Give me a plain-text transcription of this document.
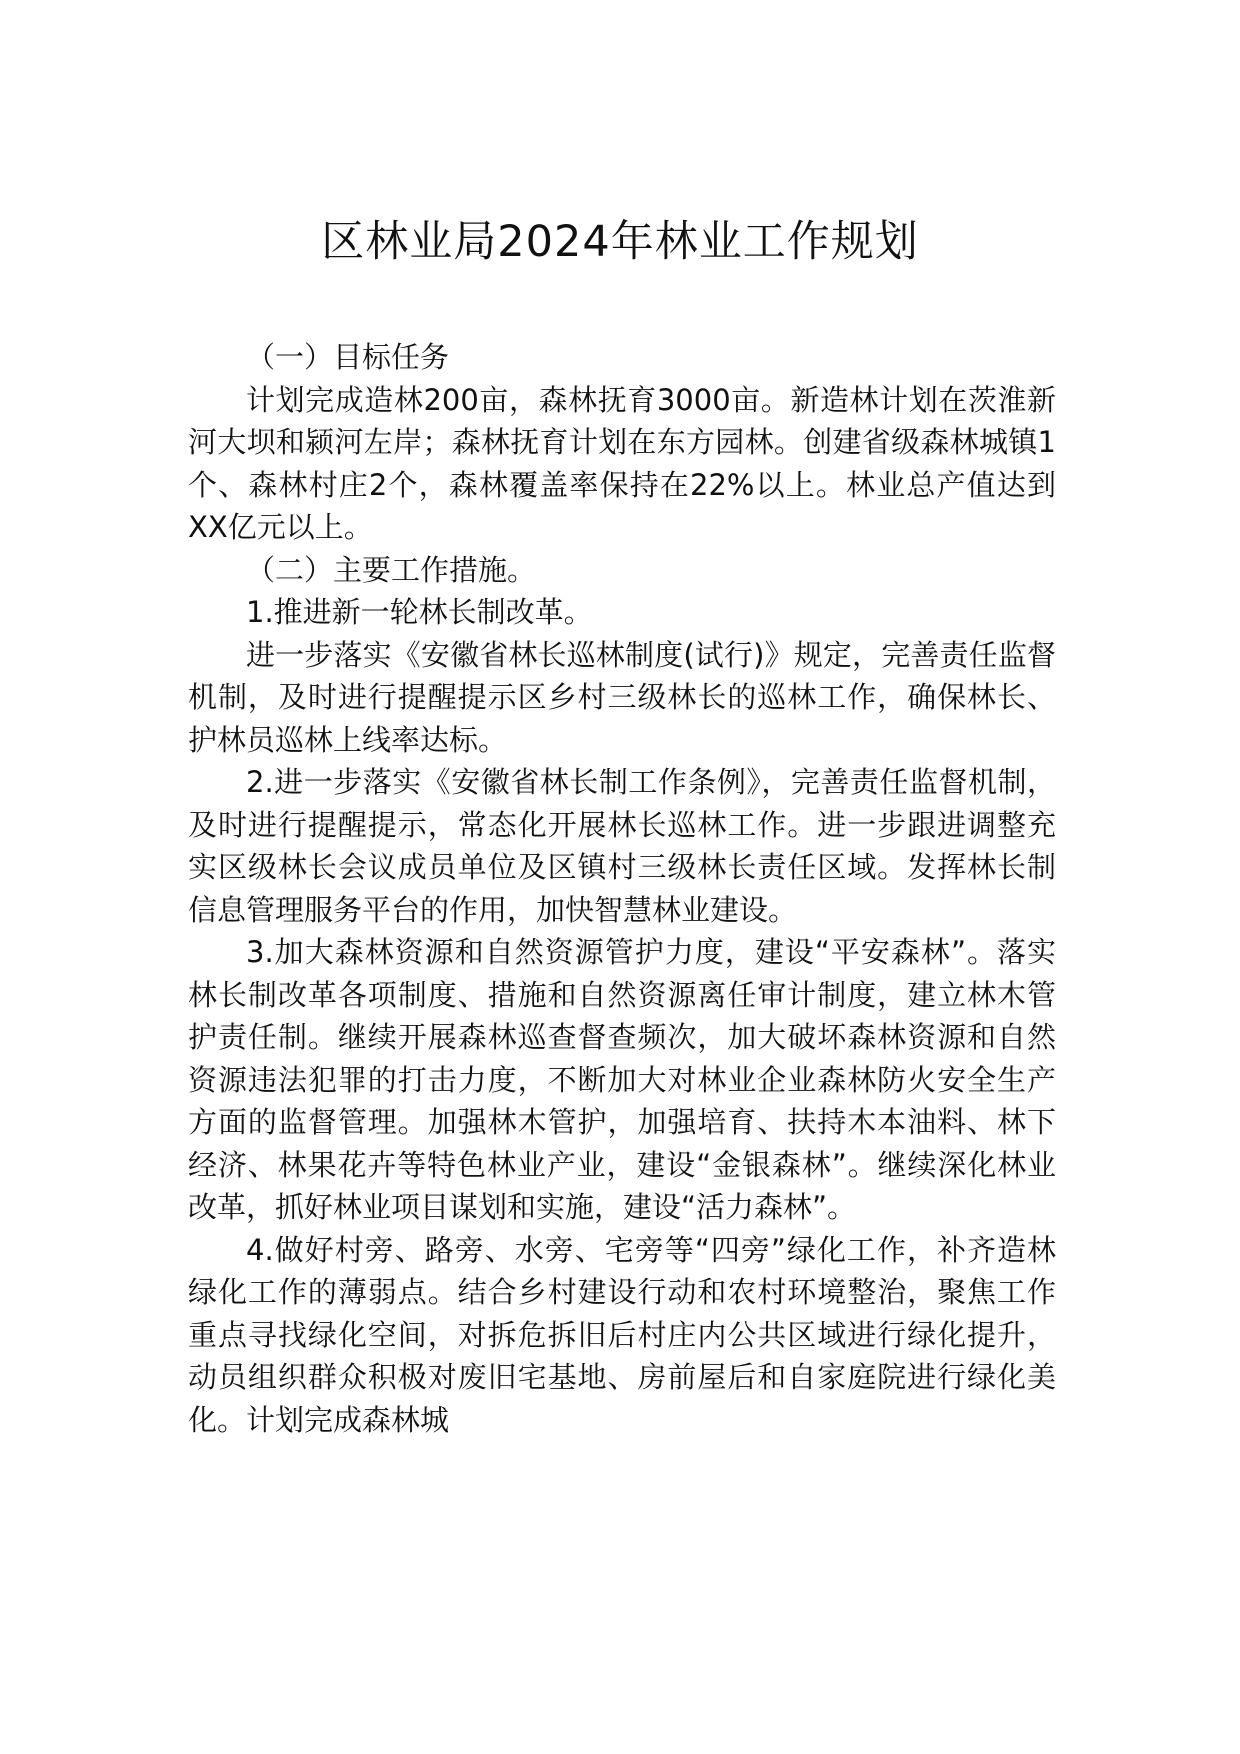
区林业局2024年林业工作规划

（一）目标任务

计划完成造林200亩，森林抚育3000亩。新造林计划在茨淮新河大坝和颍河左岸；森林抚育计划在东方园林。创建省级森林城镇1个、森林村庄2个，森林覆盖率保持在22%以上。林业总产值达到XX亿元以上。

（二）主要工作措施。

1.推进新一轮林长制改革。

进一步落实《安徽省林长巡林制度(试行)》规定，完善责任监督机制，及时进行提醒提示区乡村三级林长的巡林工作，确保林长、护林员巡林上线率达标。

2.进一步落实《安徽省林长制工作条例》，完善责任监督机制，及时进行提醒提示，常态化开展林长巡林工作。进一步跟进调整充实区级林长会议成员单位及区镇村三级林长责任区域。发挥林长制信息管理服务平台的作用，加快智慧林业建设。

3.加大森林资源和自然资源管护力度，建设“平安森林”。落实林长制改革各项制度、措施和自然资源离任审计制度，建立林木管护责任制。继续开展森林巡查督查频次，加大破坏森林资源和自然资源违法犯罪的打击力度，不断加大对林业企业森林防火安全生产方面的监督管理。加强林木管护，加强培育、扶持木本油料、林下经济、林果花卉等特色林业产业，建设“金银森林”。继续深化林业改革，抓好林业项目谋划和实施，建设“活力森林”。

4.做好村旁、路旁、水旁、宅旁等“四旁”绿化工作，补齐造林绿化工作的薄弱点。结合乡村建设行动和农村环境整治，聚焦工作重点寻找绿化空间，对拆危拆旧后村庄内公共区域进行绿化提升，动员组织群众积极对废旧宅基地、房前屋后和自家庭院进行绿化美化。计划完成森林城
